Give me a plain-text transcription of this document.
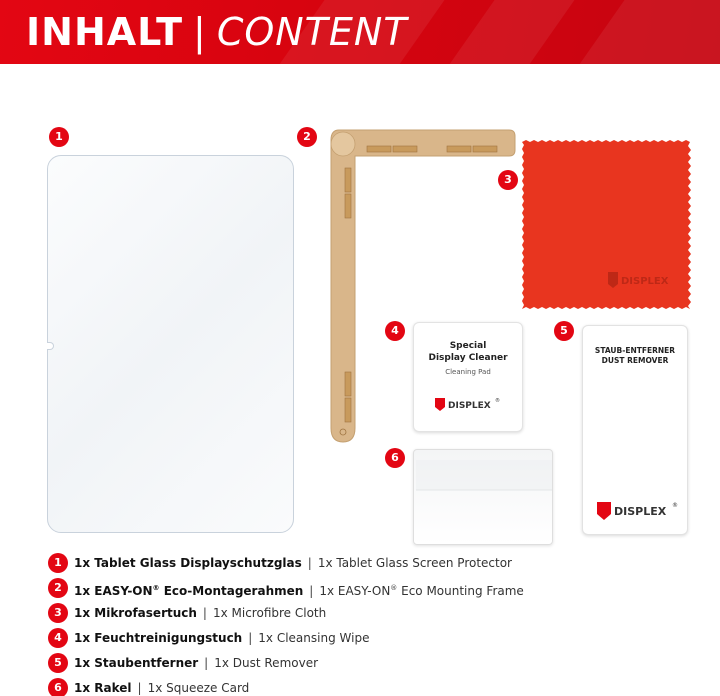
INHALT | CONTENT
1	2
3
DISPLEX
4
Special
Display Cleaner
Cleaning Pad
DISPLEX ®
5
STAUB-ENTFERNER
DUST REMOVER
DISPLEX ®
6
1	1x Tablet Glass Displayschutzglas | 1x Tablet Glass Screen Protector
2	1x EASY-ON® Eco-Montagerahmen | 1x EASY-ON® Eco Mounting Frame
3	1x Mikrofasertuch | 1x Microfibre Cloth
4	1x Feuchtreinigungstuch | 1x Cleansing Wipe
5	1x Staubentferner | 1x Dust Remover
6	1x Rakel | 1x Squeeze Card
